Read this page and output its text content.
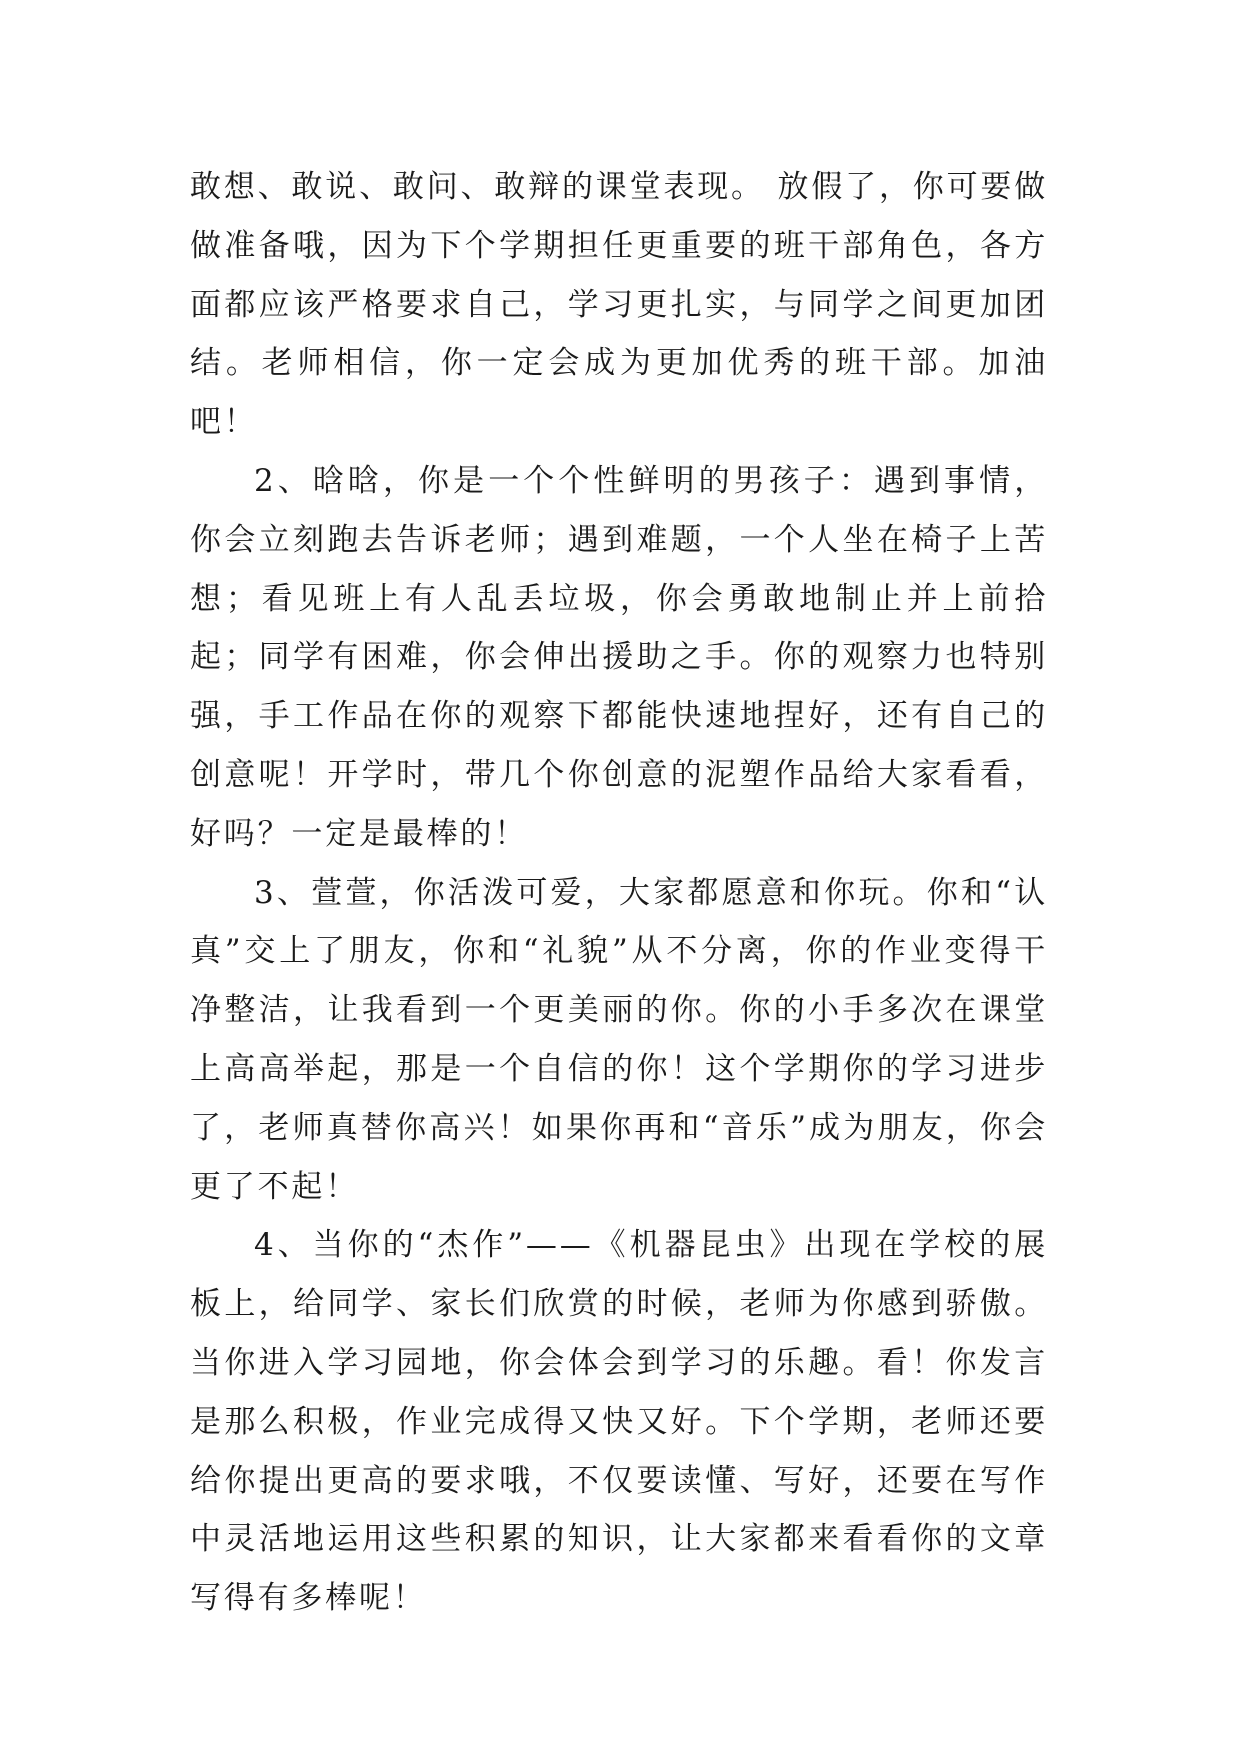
敢想、敢说、敢问、敢辩的课堂表现。 放假了，你可要做做准备哦，因为下个学期担任更重要的班干部角色，各方面都应该严格要求自己，学习更扎实，与同学之间更加团结。老师相信，你一定会成为更加优秀的班干部。加油吧！

2、晗晗，你是一个个性鲜明的男孩子：遇到事情，你会立刻跑去告诉老师；遇到难题，一个人坐在椅子上苦想；看见班上有人乱丢垃圾，你会勇敢地制止并上前拾起；同学有困难，你会伸出援助之手。你的观察力也特别强，手工作品在你的观察下都能快速地捏好，还有自己的创意呢！开学时，带几个你创意的泥塑作品给大家看看，好吗？一定是最棒的！

3、萱萱，你活泼可爱，大家都愿意和你玩。你和“认真”交上了朋友，你和“礼貌”从不分离，你的作业变得干净整洁，让我看到一个更美丽的你。你的小手多次在课堂上高高举起，那是一个自信的你！这个学期你的学习进步了，老师真替你高兴！如果你再和“音乐”成为朋友，你会更了不起！

4、当你的“杰作”——《机器昆虫》出现在学校的展板上，给同学、家长们欣赏的时候，老师为你感到骄傲。当你进入学习园地，你会体会到学习的乐趣。看！你发言是那么积极，作业完成得又快又好。下个学期，老师还要给你提出更高的要求哦，不仅要读懂、写好，还要在写作中灵活地运用这些积累的知识，让大家都来看看你的文章写得有多棒呢！
